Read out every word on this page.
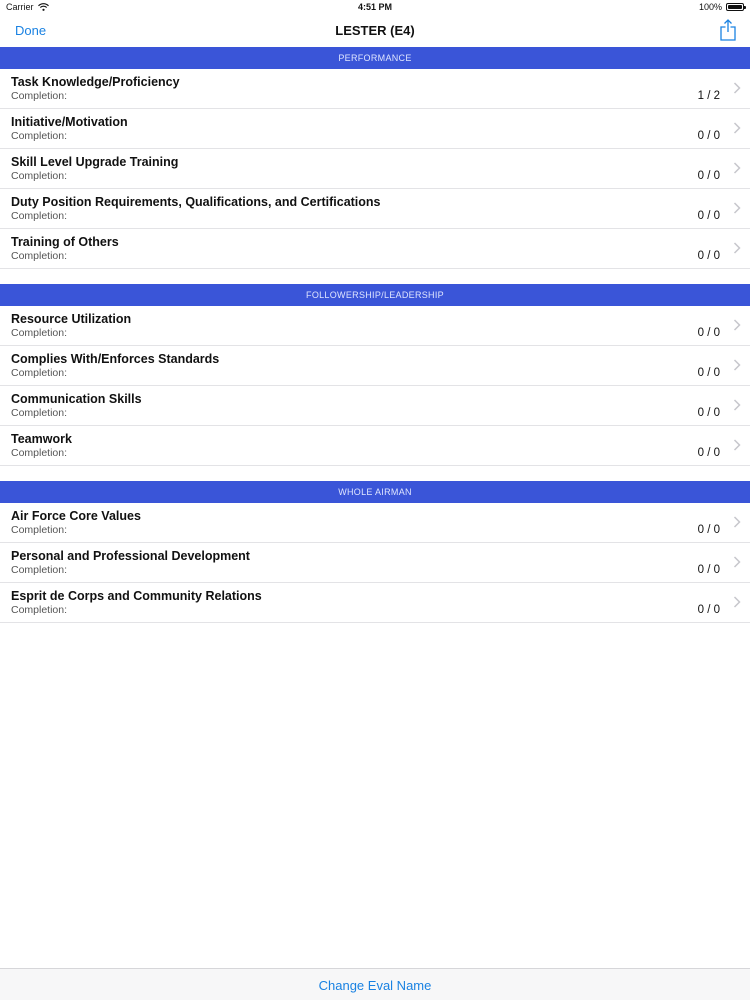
Carrier	4:51 PM	100%
Done	LESTER (E4)
PERFORMANCE
Task Knowledge/Proficiency
Completion:	1 / 2
Initiative/Motivation
Completion:	0 / 0
Skill Level Upgrade Training
Completion:	0 / 0
Duty Position Requirements, Qualifications, and Certifications
Completion:	0 / 0
Training of Others
Completion:	0 / 0
FOLLOWERSHIP/LEADERSHIP
Resource Utilization
Completion:	0 / 0
Complies With/Enforces Standards
Completion:	0 / 0
Communication Skills
Completion:	0 / 0
Teamwork
Completion:	0 / 0
WHOLE AIRMAN
Air Force Core Values
Completion:	0 / 0
Personal and Professional Development
Completion:	0 / 0
Esprit de Corps and Community Relations
Completion:	0 / 0
Change Eval Name
